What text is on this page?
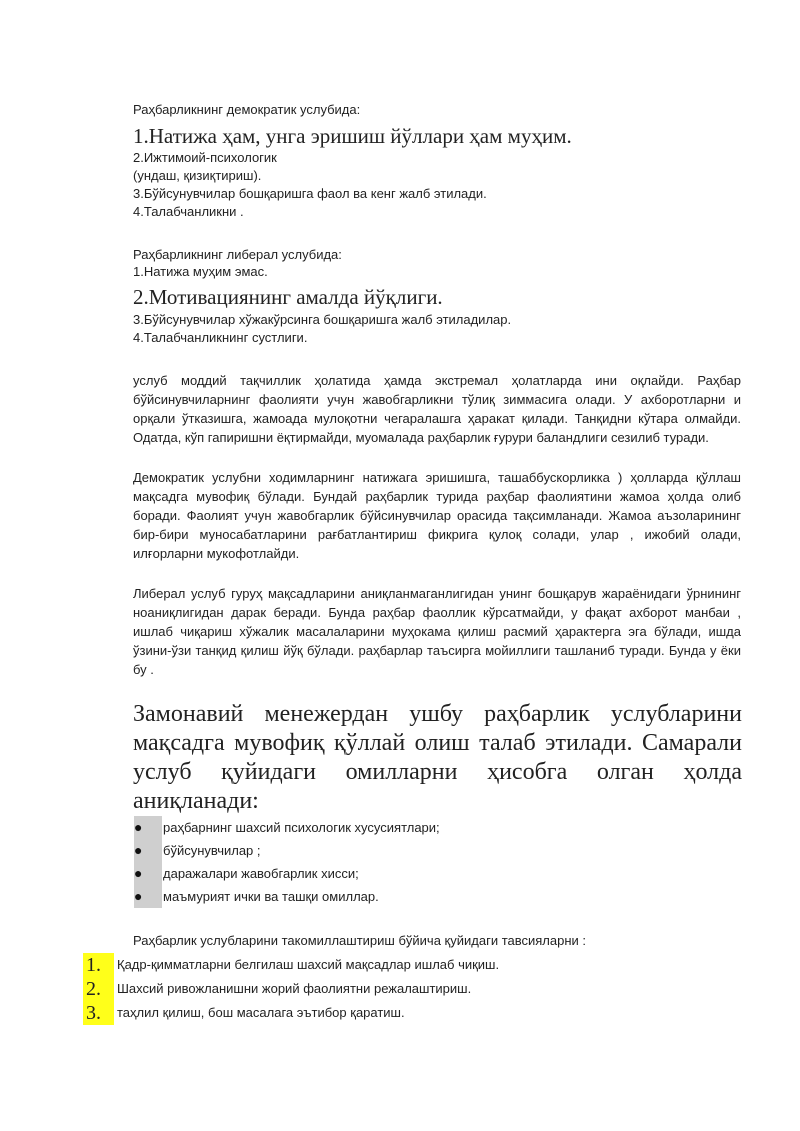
Раҳбарликнинг демократик услубида:
1.Натижа ҳам, унга эришиш йўллари ҳам муҳим.
2.Ижтимоий-психологик
(ундаш, қизиқтириш).
3.Бўйсунувчилар бошқаришга фаол ва кенг жалб этилади.
4.Талабчанликни .
Раҳбарликнинг либерал услубида:
1.Натижа муҳим эмас.
2.Мотивациянинг амалда йўқлиги.
3.Бўйсунувчилар хўжакўрсинга бошқаришга жалб этиладилар.
4.Талабчанликнинг сустлиги.
услуб моддий тақчиллик ҳолатида ҳамда экстремал ҳолатларда ини оқлайди. Раҳбар бўйсинувчиларнинг фаолияти учун жавобгарликни тўлиқ зиммасига олади. У ахборотларни и орқали ўтказишга, жамоада мулоқотни чегаралашга ҳаракат қилади. Танқидни кўтара олмайди. Одатда, кўп гапиришни ёқтирмайди, муомалада раҳбарлик ғурури баландлиги сезилиб туради.
Демократик услубни ходимларнинг натижага эришишга, ташаббускорликка ) ҳолларда қўллаш мақсадга мувофиқ бўлади. Бундай раҳбарлик турида раҳбар фаолиятини жамоа ҳолда олиб боради. Фаолият учун жавобгарлик бўйсинувчилар орасида тақсимланади. Жамоа аъзоларининг бир-бири муносабатларини рағбатлантириш фикрига қулоқ солади, улар , ижобий олади, илғорларни мукофотлайди.
Либерал услуб гуруҳ мақсадларини аниқланмаганлигидан унинг бошқарув жараёнидаги ўрнининг ноаниқлигидан дарак беради. Бунда раҳбар фаоллик кўрсатмайди, у фақат ахборот манбаи , ишлаб чиқариш хўжалик масалаларини муҳокама қилиш расмий ҳарактерга эга бўлади, ишда ўзини-ўзи танқид қилиш йўқ бўлади. раҳбарлар таъсирга мойиллиги ташланиб туради. Бунда у ёки бу .
Замонавий менежердан ушбу раҳбарлик услубларини мақсадга мувофиқ қўллай олиш талаб этилади. Самарали услуб қуйидаги омилларни ҳисобга олган ҳолда аниқланади:
●
●
●
●
раҳбарнинг шахсий психологик хусусиятлари;
бўйсунувчилар ;
даражалари жавобгарлик хисси;
маъмурият ички ва ташқи омиллар.
Раҳбарлик услубларини такомиллаштириш бўйича қуйидаги тавсияларни :
1.	Қадр-қимматларни белгилаш шахсий мақсадлар ишлаб чиқиш.
2.	Шахсий ривожланишни жорий фаолиятни режалаштириш.
3.	таҳлил қилиш, бош масалага эътибор қаратиш.
